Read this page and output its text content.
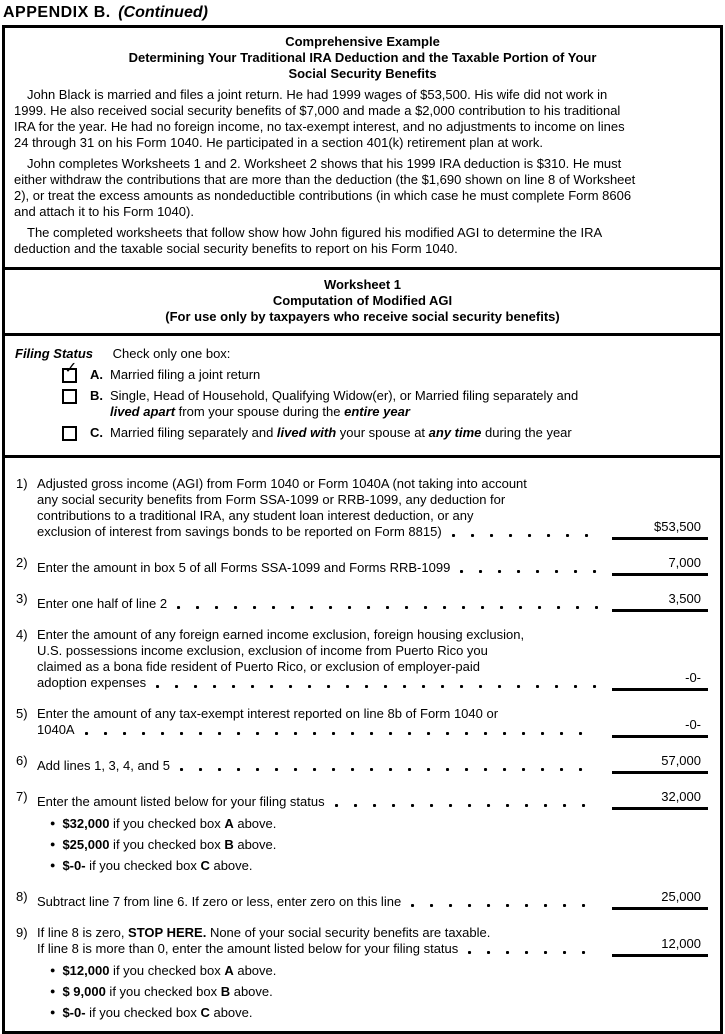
APPENDIX B. (Continued)
Comprehensive Example
Determining Your Traditional IRA Deduction and the Taxable Portion of Your
Social Security Benefits
John Black is married and files a joint return. He had 1999 wages of $53,500. His wife did not work in
1999. He also received social security benefits of $7,000 and made a $2,000 contribution to his traditional
IRA for the year. He had no foreign income, no tax-exempt interest, and no adjustments to income on lines
24 through 31 on his Form 1040. He participated in a section 401(k) retirement plan at work.
John completes Worksheets 1 and 2. Worksheet 2 shows that his 1999 IRA deduction is $310. He must
either withdraw the contributions that are more than the deduction (the $1,690 shown on line 8 of Worksheet
2), or treat the excess amounts as nondeductible contributions (in which case he must complete Form 8606
and attach it to his Form 1040).
The completed worksheets that follow show how John figured his modified AGI to determine the IRA
deduction and the taxable social security benefits to report on his Form 1040.
Worksheet 1
Computation of Modified AGI
(For use only by taxpayers who receive social security benefits)
Filing Status Check only one box:
✓ A. Married filing a joint return
B. Single, Head of Household, Qualifying Widow(er), or Married filing separately and
lived apart from your spouse during the entire year
C. Married filing separately and lived with your spouse at any time during the year
1) Adjusted gross income (AGI) from Form 1040 or Form 1040A (not taking into account
any social security benefits from Form SSA-1099 or RRB-1099, any deduction for
contributions to a traditional IRA, any student loan interest deduction, or any
exclusion of interest from savings bonds to be reported on Form 8815)	$53,500
2) Enter the amount in box 5 of all Forms SSA-1099 and Forms RRB-1099	7,000
3) Enter one half of line 2	3,500
4) Enter the amount of any foreign earned income exclusion, foreign housing exclusion,
U.S. possessions income exclusion, exclusion of income from Puerto Rico you
claimed as a bona fide resident of Puerto Rico, or exclusion of employer-paid
adoption expenses	-0-
5) Enter the amount of any tax-exempt interest reported on line 8b of Form 1040 or
1040A	-0-
6) Add lines 1, 3, 4, and 5	57,000
7) Enter the amount listed below for your filing status	32,000
● $32,000 if you checked box A above.
● $25,000 if you checked box B above.
● $-0- if you checked box C above.
8) Subtract line 7 from line 6. If zero or less, enter zero on this line	25,000
9) If line 8 is zero, STOP HERE. None of your social security benefits are taxable.
If line 8 is more than 0, enter the amount listed below for your filing status	12,000
● $12,000 if you checked box A above.
● $ 9,000 if you checked box B above.
● $-0- if you checked box C above.
